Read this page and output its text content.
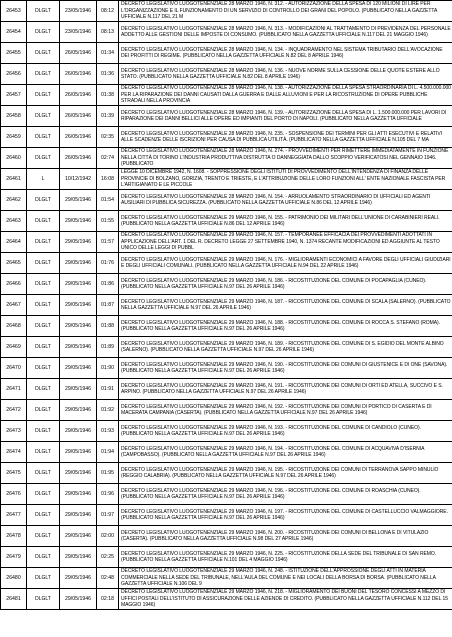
26453	DLGLT	23/05/1946	08:12	DECRETO LEGISLATIVO LUOGOTENENZIALE 28 MARZO 1946, N. 312. - AUTORIZZAZIONE DELLA SPESA DI 120 MILIONI DI LIRE PER L'ORGANIZZAZIONE E IL FUNZIONAMENTO DI UN SERVIZIO DI CONTROLLO DEI GRANI DEL POPOLO. (PUBBLICATO NELLA GAZZETTA UFFICIALE N.117 DEL 21 M

26454	DLGLT	23/05/1946	08:13	DECRETO LEGISLATIVO LUOGOTENENZIALE 28 MARZO 1946, N. 313. - MODIFICAZIONI AL TRATTAMENTO DI PREVIDENZA DEL PERSONALE ADDETTO ALLE GESTIONI DELLE IMPOSTE DI CONSUMO. (PUBBLICATO NELLA GAZZETTA UFFICIALE N.117 DEL 21 MAGGIO 1946)

26455	DLGLT	26/05/1946	01:34	DECRETO LEGISLATIVO LUOGOTENENZIALE 28 MARZO 1946, N. 134. - INQUADRAMENTO NEL SISTEMA TRIBUTARIO DELL'AVOCAZIONE DEI PROFITTI DI REGIME. (PUBBLICATO NELLA GAZZETTA UFFICIALE N.82 DEL 8 APRILE 1946)

26456	DLGLT	26/05/1946	01:36	DECRETO LEGISLATIVO LUOGOTENENZIALE 28 MARZO 1946, N. 136. - NUOVE NORME SULLA CESSIONE DELLE QUOTE ESTERE ALLO STATO. (PUBBLICATO NELLA GAZZETTA UFFICIALE N.82 DEL 8 APRILE 1946)

26457	DLGLT	26/05/1946	01:38	DECRETO LEGISLATIVO LUOGOTENENZIALE 28 MARZO 1946, N. 138. - AUTORIZZAZIONE DELLA SPESA STRAORDINARIA DI L. 4.500.000.000 PER LA RIPARAZIONE DEI DANNI CAUSATI DALLA GUERRA E DALLE ALLUVIONI E PER LA RICOSTRUZIONE DI OPERE PUBBLICHE STRADALI NELLA PROVINCIA

26458	DLGLT	26/05/1946	01:39	DECRETO LEGISLATIVO LUOGOTENENZIALE 28 MARZO 1946, N. 139. - AUTORIZZAZIONE DELLA SPESA DI L. 1.500.000.000 PER LAVORI DI RIPARAZIONE DEI DANNI BELLICI ALLE OPERE ED IMPIANTI DEL PORTO DI NAPOLI. (PUBBLICATO NELLA GAZZETTA UFFICIALE

26459	DLGLT	26/05/1946	02:35	DECRETO LEGISLATIVO LUOGOTENENZIALE 28 MARZO 1946, N. 235. - SOSPENSIONE DEI TERMINI PER GLI ATTI ESECUTIVI E RELATIVI ALLE SCADENZE DELLE ISCRIZIONI PER CAUSA DI PUBBLICA UTILITÀ. (PUBBLICATO NELLA GAZZETTA UFFICIALE N.105 DEL 7 MA

26460	DLGLT	26/05/1946	02:74	DECRETO LEGISLATIVO LUOGOTENENZIALE 28 MARZO 1946, N. 274. - PROVVEDIMENTI PER RIMETTERE IMMEDIATAMENTE IN FUNZIONE NELLA CITTÀ DI TORINO L'INDUSTRIA PRODUTTIVA DISTRUTTA O DANNEGGIATA DALLO SCOPPIO VERIFICATOSI NEL GENNAIO 1946. (PUBBLICATO

26461	L	10/12/1942	16:08	LEGGE 10 DICEMBRE 1942, N. 1608. - SOPPRESSIONE DEGLI ISTITUTI DI PROVVEDIMENTO DELL'INTENDENZA DI FINANZA DELLE PROVINCIE DI BOLZANO, GORIZIA, TRENTO E TRIESTE, E L'ATTRIBUZIONE DELLE LORO FUNZIONI ALL' ENTE NAZIONALE FASCISTA PER L'ARTIGIANATO E LE PICCOLE

26462	DLGLT	29/05/1946	01:54	DECRETO LEGISLATIVO LUOGOTENENZIALE 28 MARZO 1946, N. 154. - ARRUOLAMENTO STRAORDINARIO DI UFFICIALI ED AGENTI AUSILIARI DI PUBBLICA SICUREZZA. (PUBBLICATO NELLA GAZZETTA UFFICIALE N.86 DEL 12 APRILE 1946)

26463	DLGLT	29/05/1946	01:55	DECRETO LEGISLATIVO LUOGOTENENZIALE 29 MARZO 1946, N. 155. - PATRIMONIO DEI MILITARI DELL'UNIONE DI CARABINIERI REALI. (PUBBLICATO NELLA GAZZETTA UFFICIALE N.86 DEL 12 APRILE 1946)

26464	DLGLT	29/05/1946	01:57	DECRETO LEGISLATIVO LUOGOTENENZIALE 29 MARZO 1946, N. 157. - TEMPORANEE EFFICACIA DEI PROVVEDIMENTI ADOTTATI IN APPLICAZIONE DELL'ART. 1 DEL R. DECRETO LEGGE 27 SETTEMBRE 1940, N. 1374 RECANTE MODIFICAZIONI ED AGGIUNTE AL TESTO UNICO DELLE LEGGI DI PUBBL

26465	DLGLT	29/05/1946	01:76	DECRETO LEGISLATIVO LUOGOTENENZIALE 29 MARZO 1946, N. 176. - MIGLIORAMENTI ECONOMICI A FAVORE DEGLI UFFICIALI GIUDIZIARI E DEGLI UFFICIALI COMUNALI. (PUBBLICATO NELLA GAZZETTA UFFICIALE N.94 DEL 22 APRILE 1946)

26466	DLGLT	29/05/1946	01:86	DECRETO LEGISLATIVO LUOGOTENENZIALE 29 MARZO 1946, N. 186. - RICOSTITUZIONE DEL COMUNE DI POCAPAGLIA (CUNEO). (PUBBLICATO NELLA GAZZETTA UFFICIALE N.97 DEL 26 APRILE 1946)

26467	DLGLT	29/05/1946	01:87	DECRETO LEGISLATIVO LUOGOTENENZIALE 29 MARZO 1946, N. 187. - RICOSTITUZIONE DEL COMUNE DI SCALA (SALERNO). (PUBBLICATO NELLA GAZZETTA UFFICIALE N.97 DEL 26 APRILE 1946)

26468	DLGLT	29/05/1946	01:88	DECRETO LEGISLATIVO LUOGOTENENZIALE 29 MARZO 1946, N. 188. - RICOSTITUZIONE DEL COMUNE DI ROCCA S. STEFANO (ROMA). (PUBBLICATO NELLA GAZZETTA UFFICIALE N.97 DEL 26 APRILE 1946)

26469	DLGLT	29/05/1946	01:89	DECRETO LEGISLATIVO LUOGOTENENZIALE 29 MARZO 1946, N. 189. - RICOSTITUZIONE DEL COMUNE DI S. EGIDIO DEL MONTE ALBINO (SALERNO). (PUBBLICATO NELLA GAZZETTA UFFICIALE N.97 DEL 26 APRILE 1946)

26470	DLGLT	29/05/1946	01:90	DECRETO LEGISLATIVO LUOGOTENENZIALE 29 MARZO 1946, N. 190. - RICOSTITUZIONE DEI COMUNI DI GIUSTENICE E DI ONE (SAVONA). (PUBBLICATO NELLA GAZZETTA UFFICIALE N.97 DEL 26 APRILE 1946)

26471	DLGLT	29/05/1946	01:91	DECRETO LEGISLATIVO LUOGOTENENZIALE 29 MARZO 1946, N. 191. - RICOSTITUZIONE DEI COMUNI DI ORTI ED ATELLA, SUCCIVO E S. ARPINO. (PUBBLICATO NELLA GAZZETTA UFFICIALE N.97 DEL 26 APRILE 1946)

26472	DLGLT	29/05/1946	01:92	DECRETO LEGISLATIVO LUOGOTENENZIALE 29 MARZO 1946, N. 192. - RICOSTITUZIONE DEI COMUNI DI PORTICO DI CASERTA E DI MACERATA CAMPANIA (CASERTA). (PUBBLICATO NELLA GAZZETTA UFFICIALE N.97 DEL 26 APRILE 1946)

26473	DLGLT	29/05/1946	01:93	DECRETO LEGISLATIVO LUOGOTENENZIALE 29 MARZO 1946, N. 193. - RICOSTITUZIONE DEL COMUNE DI CANDIOLO (CUNEO). (PUBBLICATO NELLA GAZZETTA UFFICIALE N.97 DEL 26 APRILE 1946)

26474	DLGLT	29/05/1946	01:94	DECRETO LEGISLATIVO LUOGOTENENZIALE 29 MARZO 1946, N. 194. - RICOSTITUZIONE DEL COMUNE DI ACQUAVIVA D'ISERNIA (CAMPOBASSO). (PUBBLICATO NELLA GAZZETTA UFFICIALE N.97 DEL 26 APRILE 1946)

26475	DLGLT	29/05/1946	01:95	DECRETO LEGISLATIVO LUOGOTENENZIALE 29 MARZO 1946, N. 195. - RICOSTITUZIONE DEI COMUNI DI TERRANOVA SAPPO MINULIO (REGGIO CALABRIA). (PUBBLICATO NELLA GAZZETTA UFFICIALE N.97 DEL 26 APRILE 1946)

26476	DLGLT	29/05/1946	01:96	DECRETO LEGISLATIVO LUOGOTENENZIALE 29 MARZO 1946, N. 196. - RICOSTITUZIONE DEL COMUNE DI ROASCHIA (CUNEO). (PUBBLICATO NELLA GAZZETTA UFFICIALE N.97 DEL 26 APRILE 1946)

26477	DLGLT	29/05/1946	01:97	DECRETO LEGISLATIVO LUOGOTENENZIALE 29 MARZO 1946, N. 197. - RICOSTITUZIONE DEL COMUNE DI CASTELLUCCIO VALMAGGIORE. (PUBBLICATO NELLA GAZZETTA UFFICIALE N.97 DEL 26 APRILE 1946)

26478	DLGLT	29/05/1946	02:00	DECRETO LEGISLATIVO LUOGOTENENZIALE 29 MARZO 1946, N. 200. - RICOSTITUZIONE DEI COMUNI DI BELLONA E DI VITULAZIO (CASERTA). (PUBBLICATO NELLA GAZZETTA UFFICIALE N.98 DEL 27 APRILE 1946)

26479	DLGLT	29/05/1946	02:25	DECRETO LEGISLATIVO LUOGOTENENZIALE 29 MARZO 1946, N. 225. - RICOSTITUZIONE DELLA SEDE DEL TRIBUNALE DI SAN REMO. (PUBBLICATO NELLA GAZZETTA UFFICIALE N.101 DEL 4 MAGGIO 1946)

26480	DLGLT	29/05/1946	02:48	DECRETO LEGISLATIVO LUOGOTENENZIALE 29 MARZO 1946, N. 248. - ISTITUZIONE DELL'APPROSSIONE DEGLI ATTI IN MATERIA COMMERCIALE NELLA SEDE DEL TRIBUNALE, NELL'AULA DEL COMUNE E NEI LOCALI DELLA BORSA DI BORSA. (PUBBLICATO NELLA GAZZETTA UFFICIALE N.106 DEL 9

26481	DLGLT	29/05/1946	02:18	DECRETO LEGISLATIVO LUOGOTENENZIALE 29 MARZO 1946, N. 218. - MIGLIORAMENTO DEI BUONI DEL TESORO CONCESSI A MEZZO DI UFFICI POSTALI DELL'ISTITUTO DI ASSICURAZIONE DELLE AZIENDE DI CREDITO. (PUBBLICATO NELLA GAZZETTA UFFICIALE N.112 DEL 15 MAGGIO 1946)
